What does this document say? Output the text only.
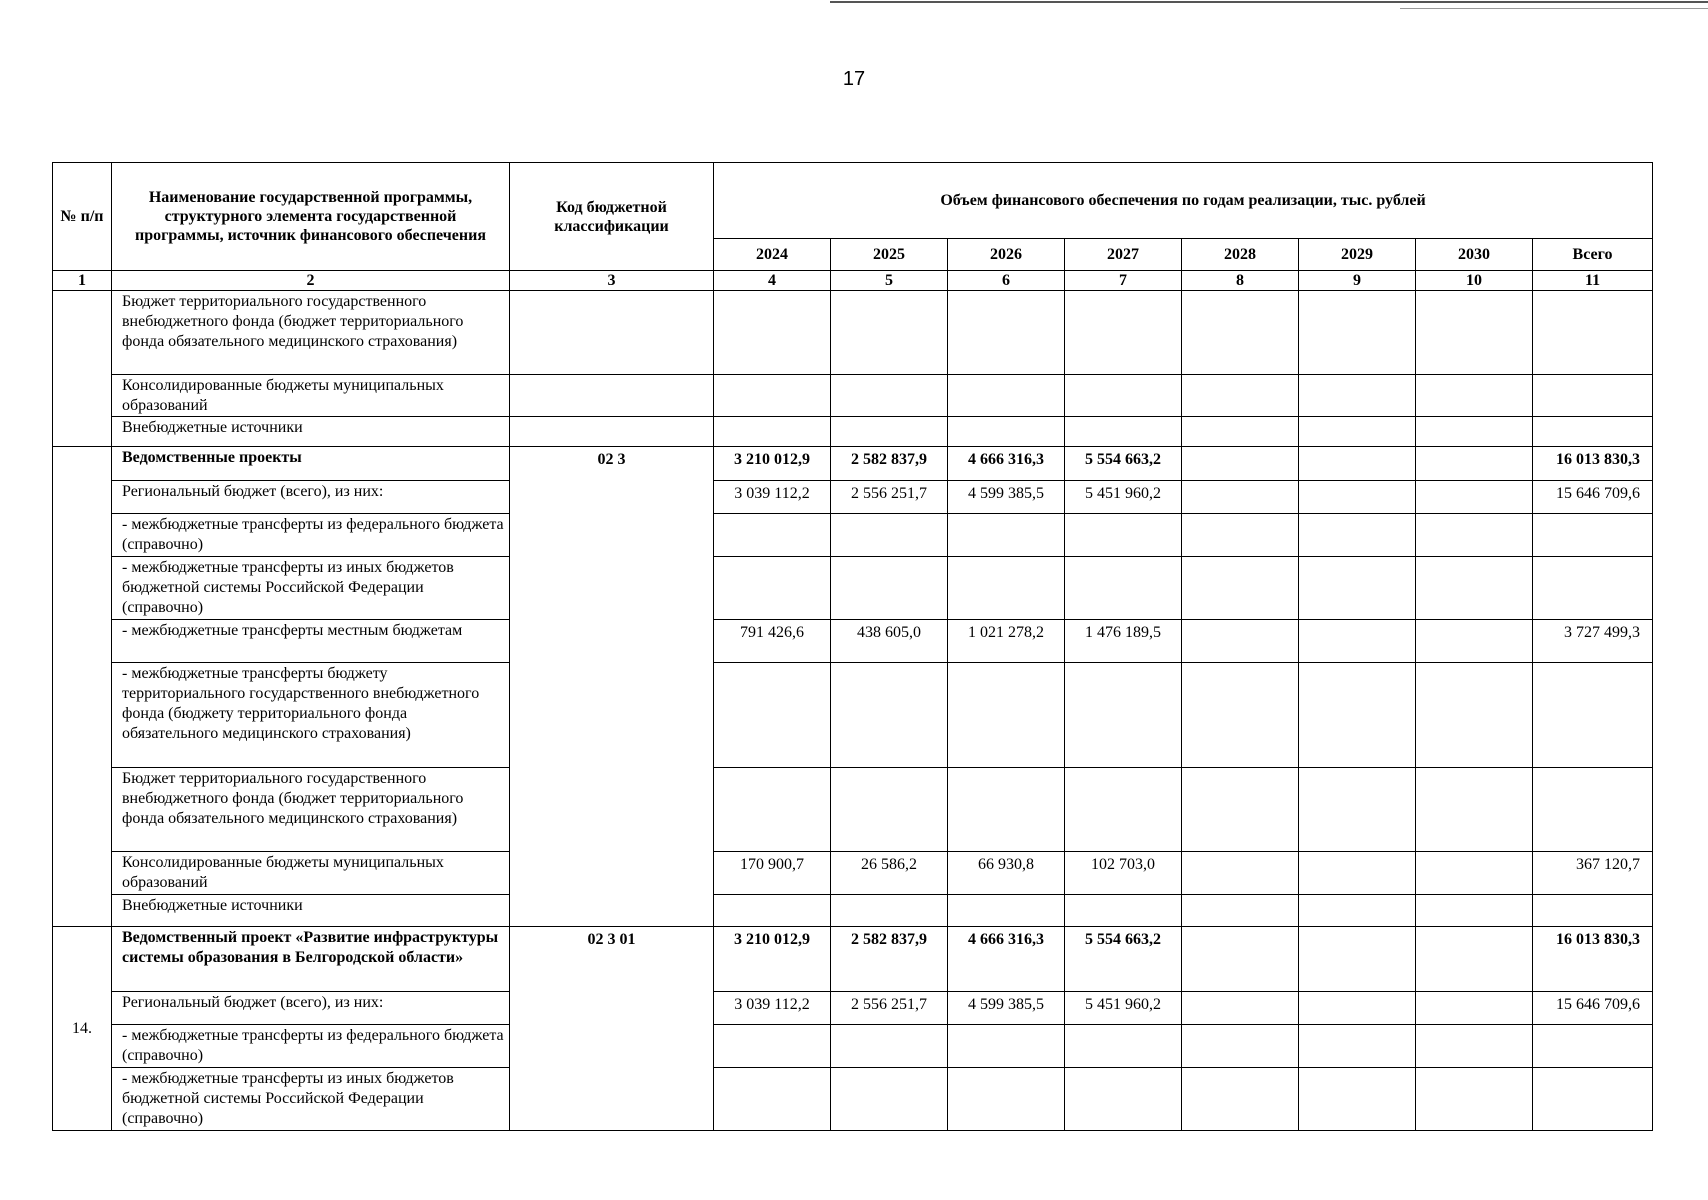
17
№ п/п	Наименование государственной программы, структурного элемента государственной программы, источник финансового обеспечения	Код бюджетной классификации	Объем финансового обеспечения по годам реализации, тыс. рублей							
			2024	2025	2026	2027	2028	2029	2030	Всего
1	2	3	4	5	6	7	8	9	10	11
	Бюджет территориального государственного внебюджетного фонда (бюджет территориального фонда обязательного медицинского страхования)									
	Консолидированные бюджеты муниципальных образований									
	Внебюджетные источники									
	Ведомственные проекты	02 3	3 210 012,9	2 582 837,9	4 666 316,3	5 554 663,2				16 013 830,3
	Региональный бюджет (всего), из них:		3 039 112,2	2 556 251,7	4 599 385,5	5 451 960,2				15 646 709,6
	- межбюджетные трансферты из федерального бюджета (справочно)									
	- межбюджетные трансферты из иных бюджетов бюджетной системы Российской Федерации (справочно)									
	- межбюджетные трансферты местным бюджетам		791 426,6	438 605,0	1 021 278,2	1 476 189,5				3 727 499,3
	- межбюджетные трансферты бюджету территориального государственного внебюджетного фонда (бюджету территориального фонда обязательного медицинского страхования)									
	Бюджет территориального государственного внебюджетного фонда (бюджет территориального фонда обязательного медицинского страхования)									
	Консолидированные бюджеты муниципальных образований		170 900,7	26 586,2	66 930,8	102 703,0				367 120,7
	Внебюджетные источники									
14.	Ведомственный проект «Развитие инфраструктуры системы образования в Белгородской области»	02 3 01	3 210 012,9	2 582 837,9	4 666 316,3	5 554 663,2				16 013 830,3
	Региональный бюджет (всего), из них:		3 039 112,2	2 556 251,7	4 599 385,5	5 451 960,2				15 646 709,6
	- межбюджетные трансферты из федерального бюджета (справочно)									
	- межбюджетные трансферты из иных бюджетов бюджетной системы Российской Федерации (справочно)									
